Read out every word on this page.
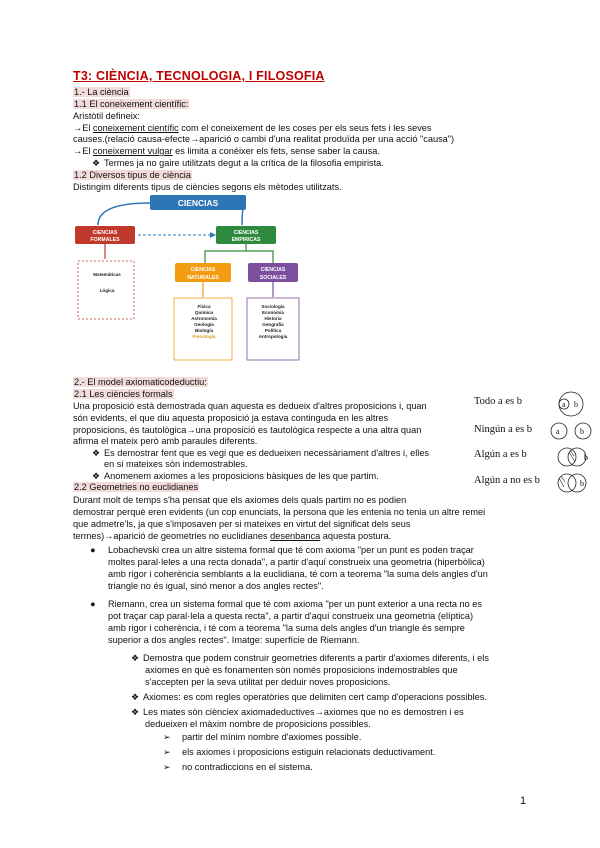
T3: CIÈNCIA, TECNOLOGIA, I FILOSOFIA
1.- La ciència
1.1 El coneixement científic:
Aristòtil defineix:
→El coneixement científic com el coneixement de les coses per els seus fets i les seves
causes.(relació causa-efecte→aparició o cambi d'una realitat produïda per una acció "causa")
→El coneixement vulgar es limita a conèixer els fets, sense saber la causa.
❖ Termes ja no gaire utilitzats degut a la crítica de la filosofia empirista.
1.2 Diversos tipus de ciència
Distingim diferents tipus de ciències segons els mètodes utilitzats.
CIENCIAS
CIENCIAS
FORMALES
CIENCIAS
EMPIRICAS
CIENCIAS
NATURALES
CIENCIAS
SOCIALES
Matemáticas
Lógica
Física
Química
Astronomía
Geología
Biología
Psicología
Sociología
Economía
Historia
Geografía
Política
Antropología
2.- El model axiomaticodeductiu:
2.1 Les ciències formals
Una proposició està demostrada quan aquesta es dedueix d'altres proposicions i, quan
són evidents, el que diu aquesta proposició ja estava continguda en les altres
proposicions, és tautològica→una proposició es tautològica respecte a una altra quan
afirma el mateix però amb paraules diferents.
❖ Es demostrar fent que es vegi que es dedueixen necessàriament d'altres i, elles
en si mateixes sòn indemostrables.
❖ Anomenem axiomes a les proposicions bàsiques de les que partim.
2.2 Geometries no euclidianes
Durant molt de temps s'ha pensat que els axiomes dels quals partim no es podien
demostrar perquè eren evidents (un cop enunciats, la persona que les entenia no tenia un altre remei
que admetre'ls, ja que s'imposaven per si mateixes en virtut del significat dels seus
termes)→aparició de geometries no euclidianes desenbanca aquesta postura.
● Lobachevski crea un altre sistema formal que té com axioma "per un punt es poden traçar
moltes paral·leles a una recta donada", a partir d'aquí construeix una geometria (hiperbòlica)
amb rigor i coherència semblants a la euclidiana, té com a teorema "la suma dels angles d'un
triangle no és igual, sinó menor a dos angles rectes".
● Riemann, crea un sistema formal que té com axioma "per un punt exterior a una recta no es
pot traçar cap paral·lela a questa recta", a partir d'aquí construeix una geometria (elíptica)
amb rigor i coherència, i té com a teorema "la suma dels angles d'un triangle és sempre
superior a dos angles rectes". Imatge: superfície de Riemann.
❖ Demostra que podem construir geometries diferents a partir d'axiomes diferents, i els
axiomes en què es fonamenten sòn només proposicions indemostrables que
s'accepten per la seva utilitat per deduir noves proposicions.
❖ Axiomes: es com regles operatòries que delimiten cert camp d'operacions possibles.
❖ Les mates sòn ciènciex axiomadeductives→axiomes que no es demostren i es
dedueixen el màxim nombre de proposicions possibles.
➢ partir del mínim nombre d'axiomes possible.
➢ els axiomes i proposicions estiguin relacionats deductivament.
➢ no contradiccions en el sistema.
Todo a es b
Ningún a es b
Algún a es b
Algún a no es b
a b
a	b
b
b
1
